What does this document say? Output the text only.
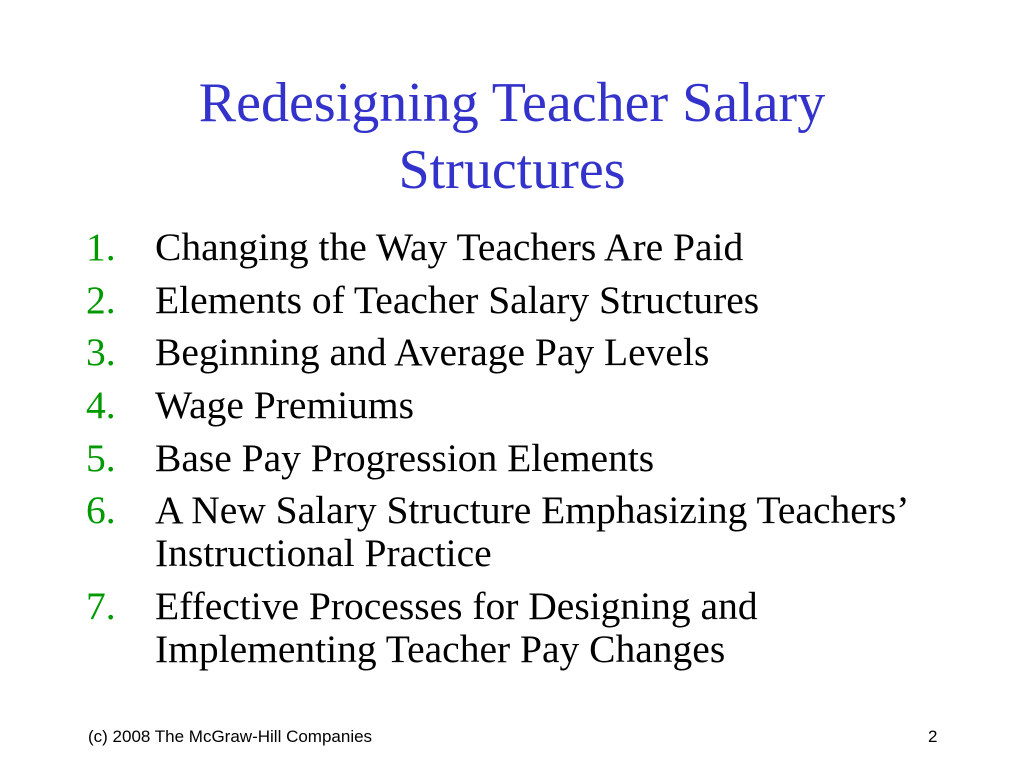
Redesigning Teacher Salary Structures
1. Changing the Way Teachers Are Paid
2. Elements of Teacher Salary Structures
3. Beginning and Average Pay Levels
4. Wage Premiums
5. Base Pay Progression Elements
6. A New Salary Structure Emphasizing Teachers’ Instructional Practice
7. Effective Processes for Designing and Implementing Teacher Pay Changes
(c) 2008 The McGraw-Hill Companies	2
